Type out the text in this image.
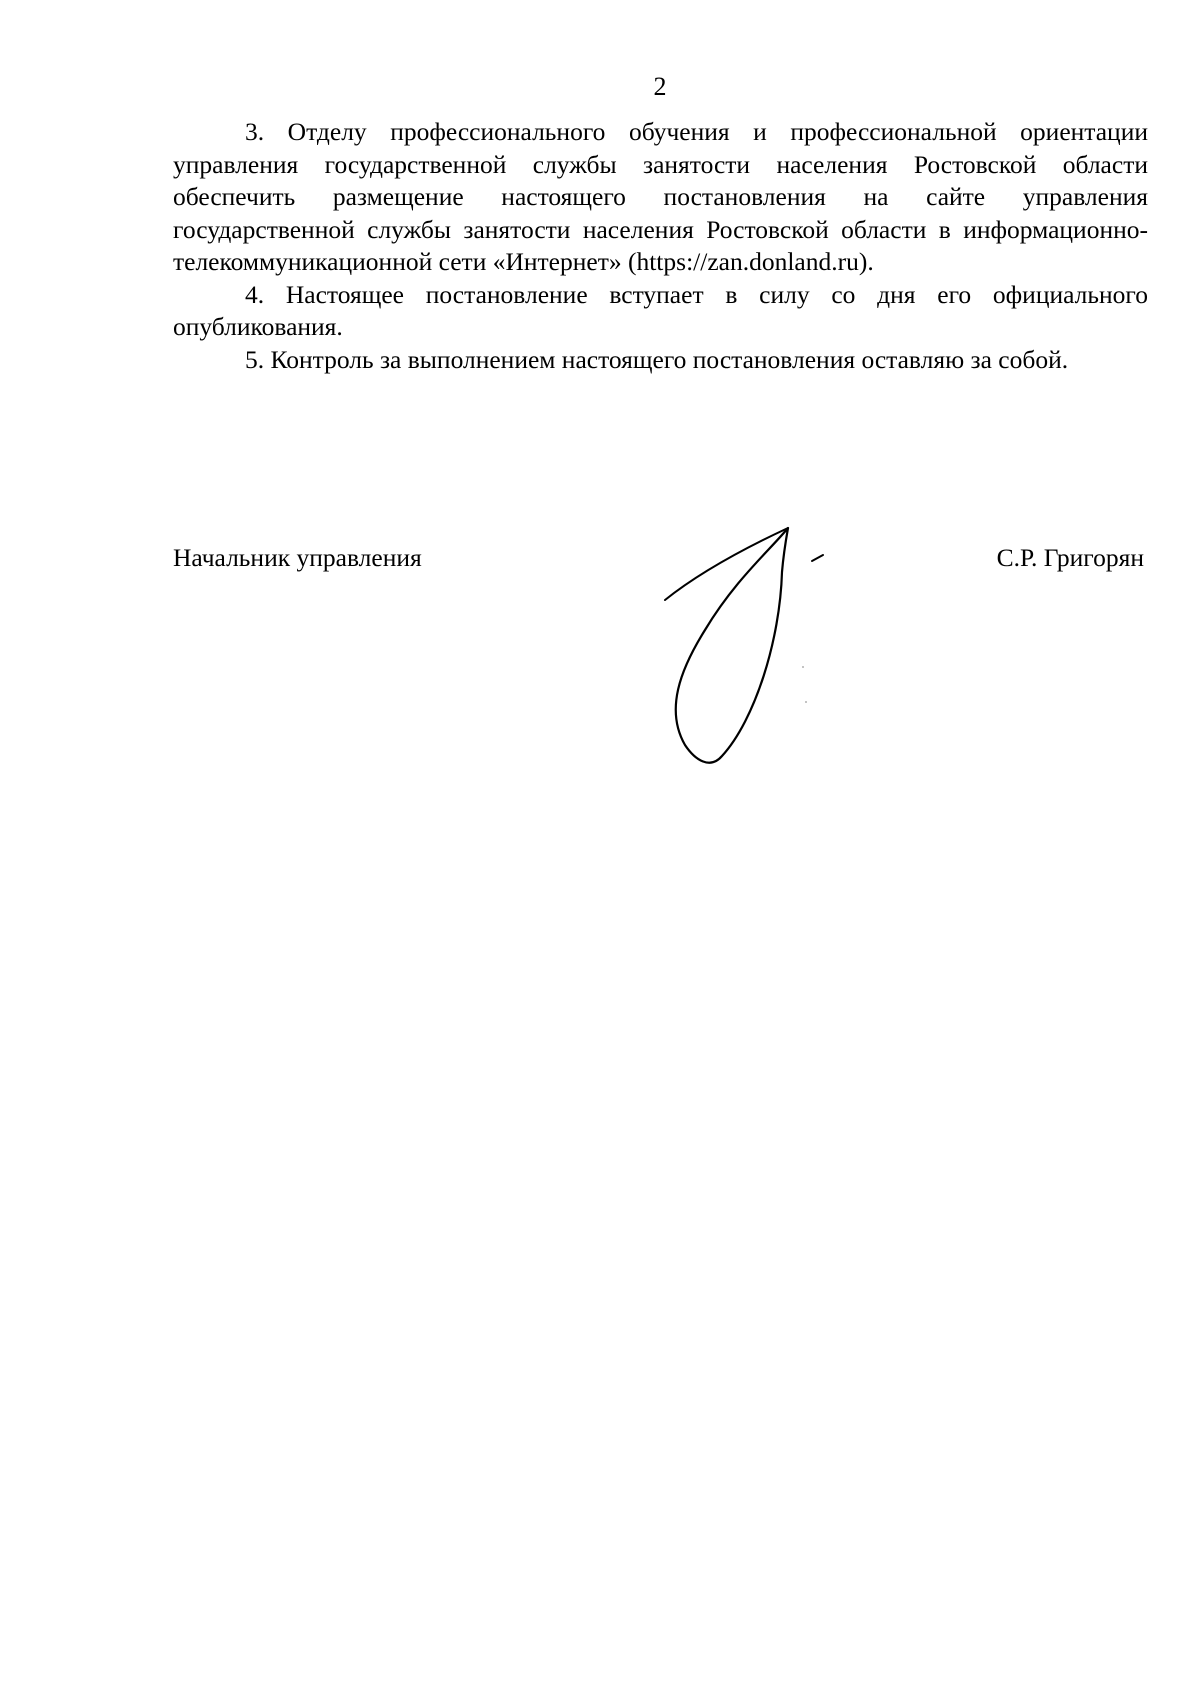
2

3. Отделу профессионального обучения и профессиональной ориентации управления государственной службы занятости населения Ростовской области обеспечить размещение настоящего постановления на сайте управления государственной службы занятости населения Ростовской области в информационно-телекоммуникационной сети «Интернет» (https://zan.donland.ru).

4. Настоящее постановление вступает в силу со дня его официального опубликования.

5. Контроль за выполнением настоящего постановления оставляю за собой.

Начальник управления	С.Р. Григорян
